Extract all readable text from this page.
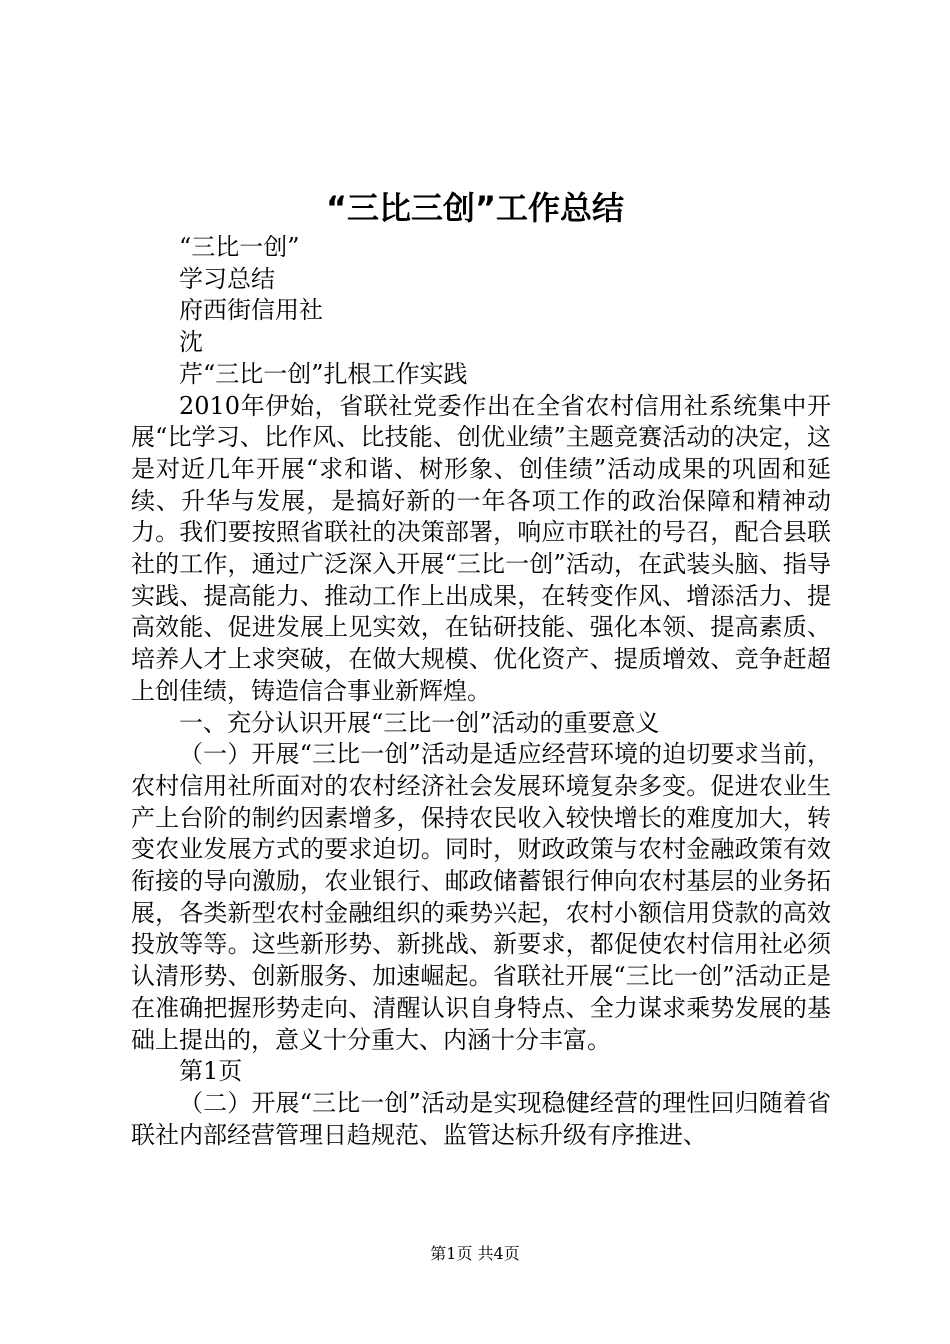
“三比三创”工作总结

“三比一创”

学习总结

府西街信用社

沈

芹“三比一创”扎根工作实践

2010年伊始，省联社党委作出在全省农村信用社系统集中开展“比学习、比作风、比技能、创优业绩”主题竞赛活动的决定，这是对近几年开展“求和谐、树形象、创佳绩”活动成果的巩固和延续、升华与发展，是搞好新的一年各项工作的政治保障和精神动力。我们要按照省联社的决策部署，响应市联社的号召，配合县联社的工作，通过广泛深入开展“三比一创”活动，在武装头脑、指导实践、提高能力、推动工作上出成果，在转变作风、增添活力、提高效能、促进发展上见实效，在钻研技能、强化本领、提高素质、培养人才上求突破，在做大规模、优化资产、提质增效、竞争赶超上创佳绩，铸造信合事业新辉煌。

一、充分认识开展“三比一创”活动的重要意义

（一）开展“三比一创”活动是适应经营环境的迫切要求当前，农村信用社所面对的农村经济社会发展环境复杂多变。促进农业生产上台阶的制约因素增多，保持农民收入较快增长的难度加大，转变农业发展方式的要求迫切。同时，财政政策与农村金融政策有效衔接的导向激励，农业银行、邮政储蓄银行伸向农村基层的业务拓展，各类新型农村金融组织的乘势兴起，农村小额信用贷款的高效投放等等。这些新形势、新挑战、新要求，都促使农村信用社必须认清形势、创新服务、加速崛起。省联社开展“三比一创”活动正是在准确把握形势走向、清醒认识自身特点、全力谋求乘势发展的基础上提出的，意义十分重大、内涵十分丰富。

第1页

（二）开展“三比一创”活动是实现稳健经营的理性回归随着省联社内部经营管理日趋规范、监管达标升级有序推进、

第1页 共4页
